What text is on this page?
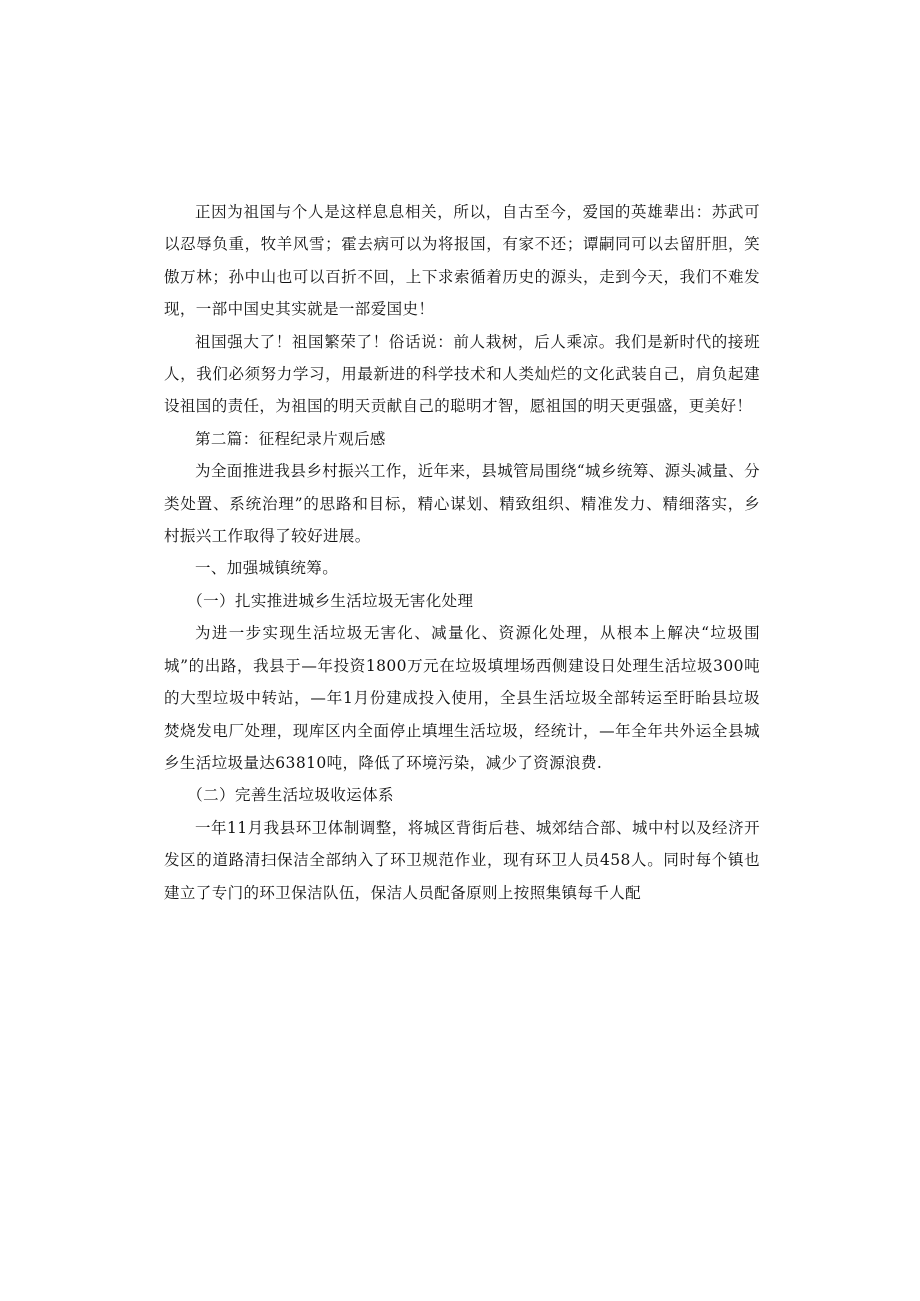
正因为祖国与个人是这样息息相关，所以，自古至今，爱国的英雄辈出：苏武可以忍辱负重，牧羊风雪；霍去病可以为将报国，有家不还；谭嗣同可以去留肝胆，笑傲万林；孙中山也可以百折不回，上下求索循着历史的源头，走到今天，我们不难发现，一部中国史其实就是一部爱国史！

祖国强大了！祖国繁荣了！俗话说：前人栽树，后人乘凉。我们是新时代的接班人，我们必须努力学习，用最新进的科学技术和人类灿烂的文化武装自己，肩负起建设祖国的责任，为祖国的明天贡献自己的聪明才智，愿祖国的明天更强盛，更美好！

第二篇：征程纪录片观后感

为全面推进我县乡村振兴工作，近年来，县城管局围绕“城乡统筹、源头减量、分类处置、系统治理”的思路和目标，精心谋划、精致组织、精准发力、精细落实，乡村振兴工作取得了较好进展。

一、加强城镇统筹。

（一）扎实推进城乡生活垃圾无害化处理

为进一步实现生活垃圾无害化、减量化、资源化处理，从根本上解决“垃圾围城”的出路，我县于—年投资1800万元在垃圾填埋场西侧建设日处理生活垃圾300吨的大型垃圾中转站，—年1月份建成投入使用，全县生活垃圾全部转运至盱眙县垃圾焚烧发电厂处理，现库区内全面停止填埋生活垃圾，经统计，—年全年共外运全县城乡生活垃圾量达63810吨，降低了环境污染，减少了资源浪费.

（二）完善生活垃圾收运体系

一年11月我县环卫体制调整，将城区背街后巷、城郊结合部、城中村以及经济开发区的道路清扫保洁全部纳入了环卫规范作业，现有环卫人员458人。同时每个镇也建立了专门的环卫保洁队伍，保洁人员配备原则上按照集镇每千人配
